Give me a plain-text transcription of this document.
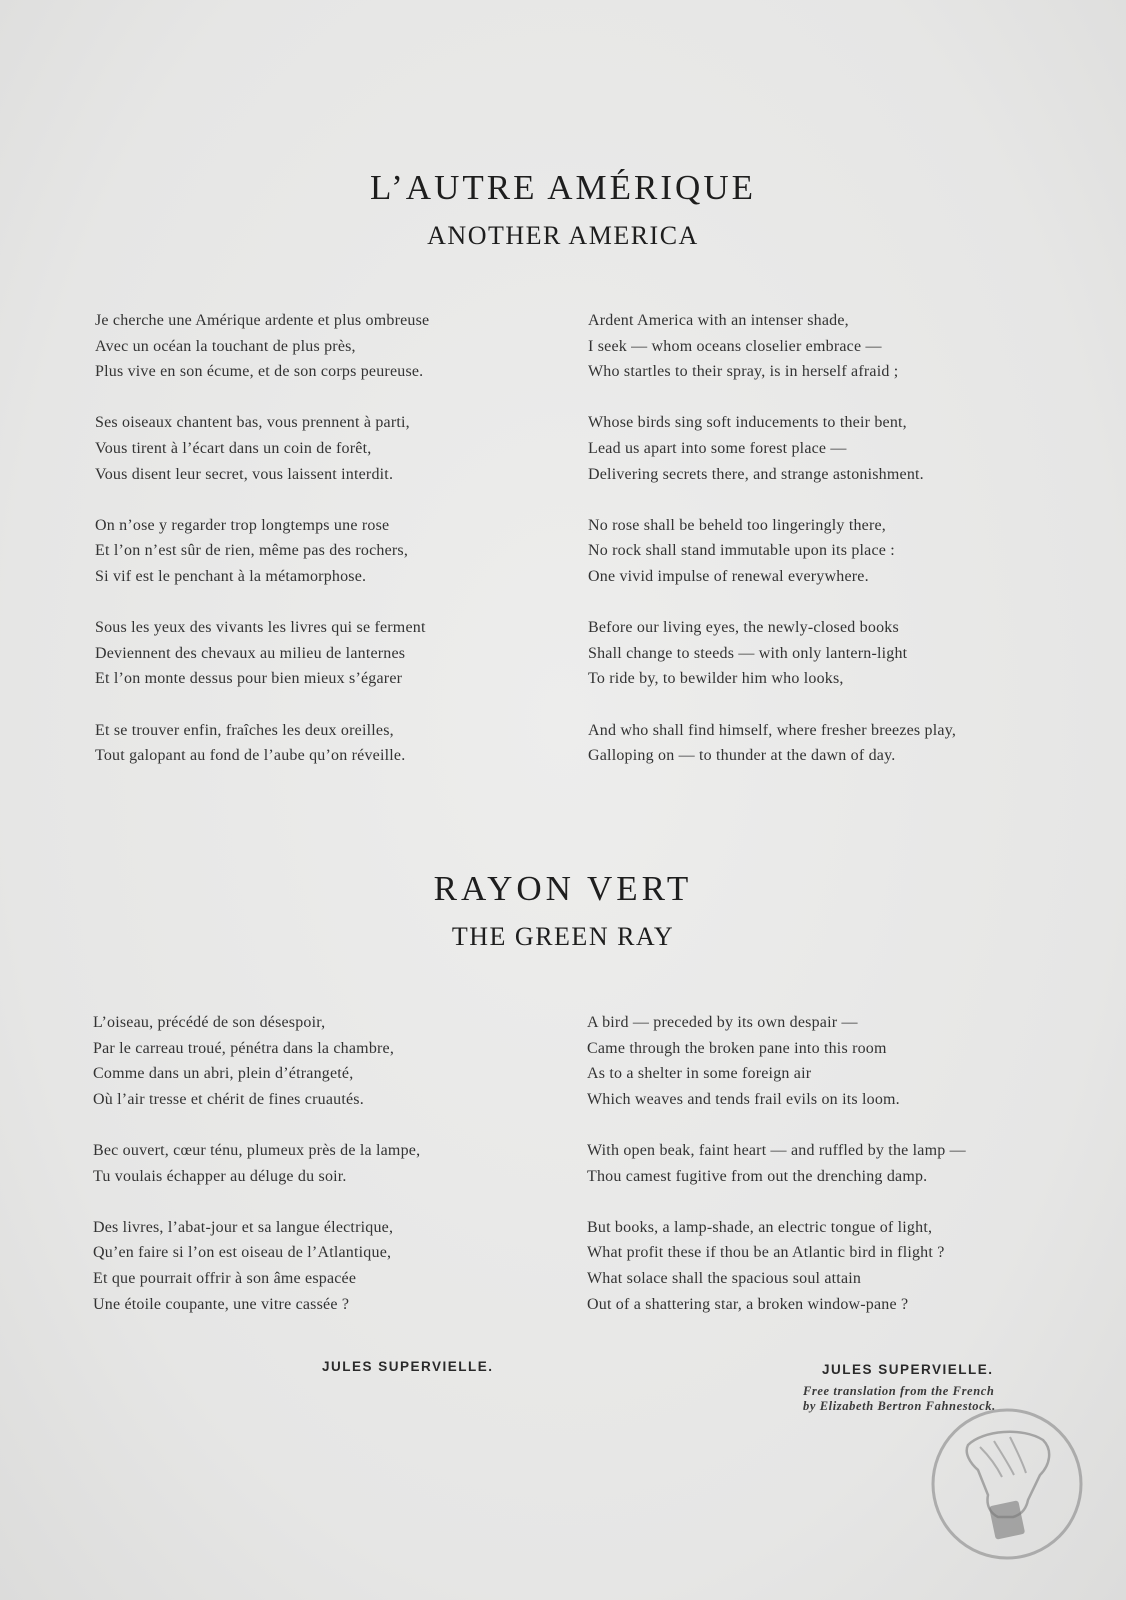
L’AUTRE AMÉRIQUE
ANOTHER AMERICA
Je cherche une Amérique ardente et plus ombreuse
Avec un océan la touchant de plus près,
Plus vive en son écume, et de son corps peureuse.
Ses oiseaux chantent bas, vous prennent à parti,
Vous tirent à l’écart dans un coin de forêt,
Vous disent leur secret, vous laissent interdit.
On n’ose y regarder trop longtemps une rose
Et l’on n’est sûr de rien, même pas des rochers,
Si vif est le penchant à la métamorphose.
Sous les yeux des vivants les livres qui se ferment
Deviennent des chevaux au milieu de lanternes
Et l’on monte dessus pour bien mieux s’égarer
Et se trouver enfin, fraîches les deux oreilles,
Tout galopant au fond de l’aube qu’on réveille.
Ardent America with an intenser shade,
I seek — whom oceans closelier embrace —
Who startles to their spray, is in herself afraid ;
Whose birds sing soft inducements to their bent,
Lead us apart into some forest place —
Delivering secrets there, and strange astonishment.
No rose shall be beheld too lingeringly there,
No rock shall stand immutable upon its place :
One vivid impulse of renewal everywhere.
Before our living eyes, the newly-closed books
Shall change to steeds — with only lantern-light
To ride by, to bewilder him who looks,
And who shall find himself, where fresher breezes play,
Galloping on — to thunder at the dawn of day.
RAYON VERT
THE GREEN RAY
L’oiseau, précédé de son désespoir,
Par le carreau troué, pénétra dans la chambre,
Comme dans un abri, plein d’étrangeté,
Où l’air tresse et chérit de fines cruautés.
Bec ouvert, cœur ténu, plumeux près de la lampe,
Tu voulais échapper au déluge du soir.
Des livres, l’abat-jour et sa langue électrique,
Qu’en faire si l’on est oiseau de l’Atlantique,
Et que pourrait offrir à son âme espacée
Une étoile coupante, une vitre cassée ?
A bird — preceded by its own despair —
Came through the broken pane into this room
As to a shelter in some foreign air
Which weaves and tends frail evils on its loom.
With open beak, faint heart — and ruffled by the lamp —
Thou camest fugitive from out the drenching damp.
But books, a lamp-shade, an electric tongue of light,
What profit these if thou be an Atlantic bird in flight ?
What solace shall the spacious soul attain
Out of a shattering star, a broken window-pane ?
JULES SUPERVIELLE.	JULES SUPERVIELLE.
Free translation from the French
by Elizabeth Bertron Fahnestock.
